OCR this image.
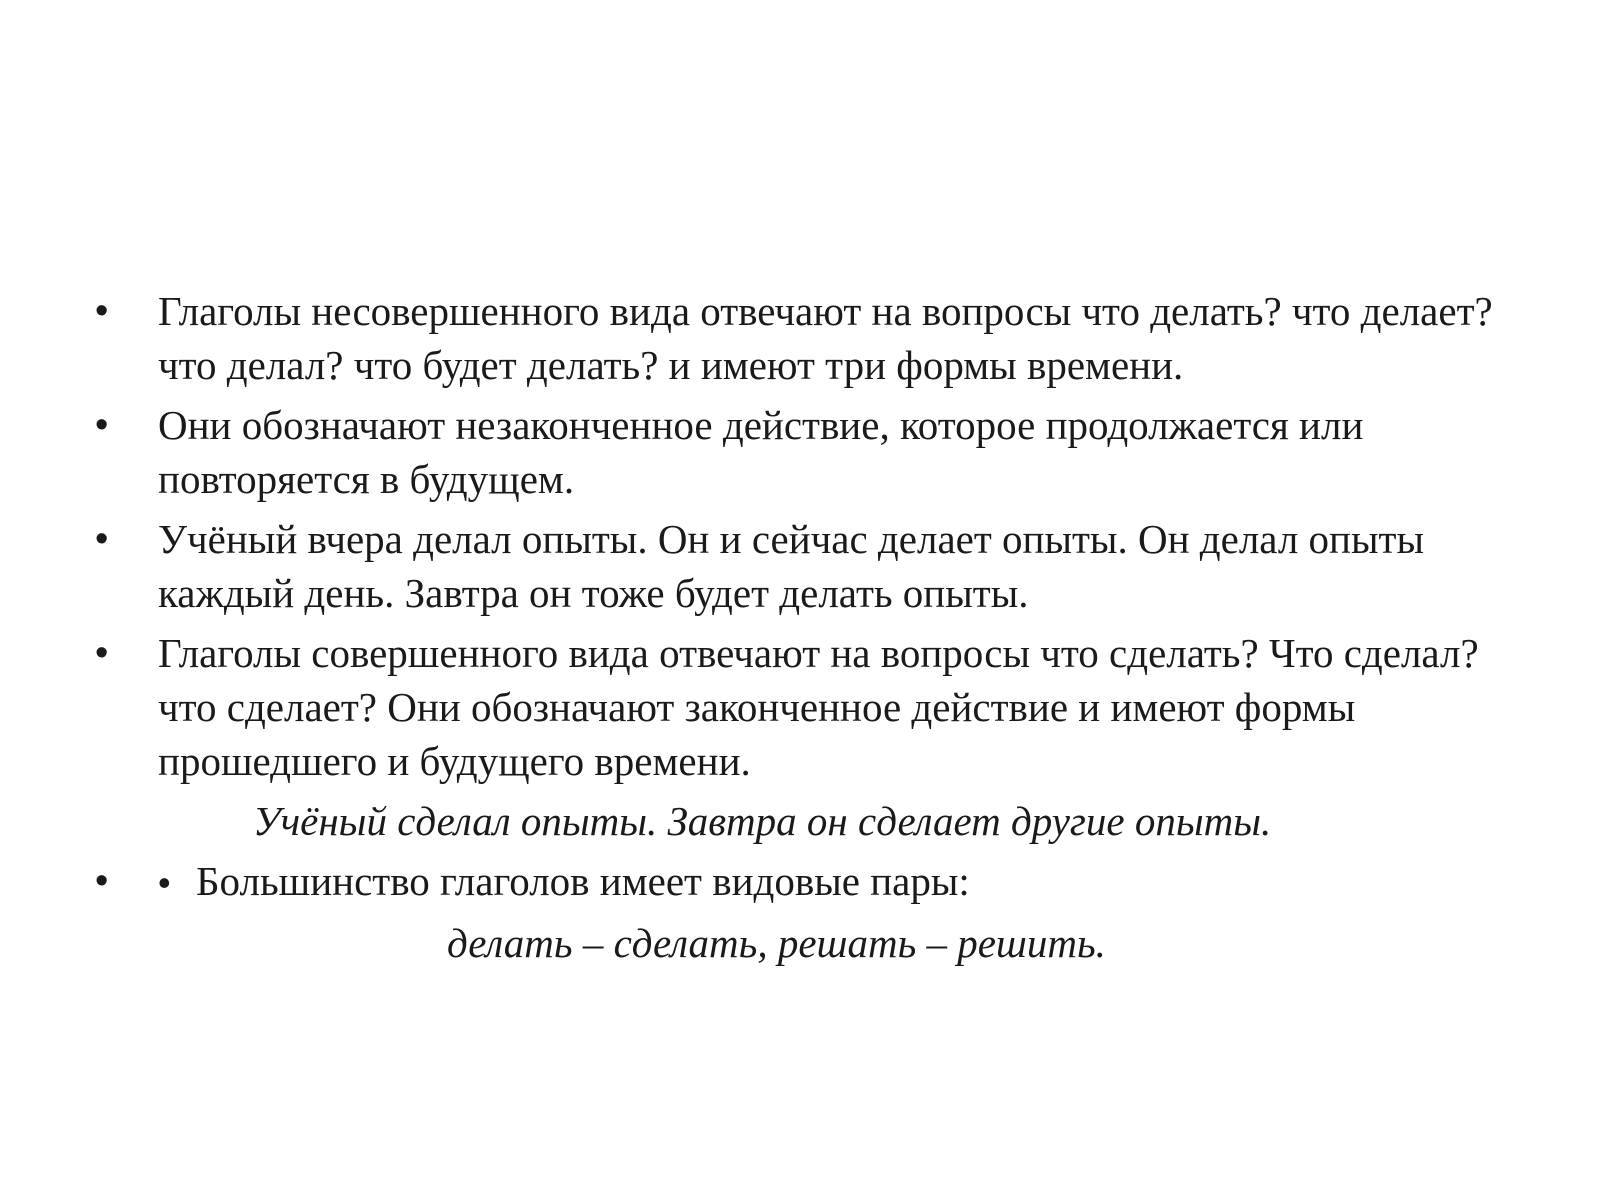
•	Глаголы несовершенного вида отвечают на вопросы что делать? что делает? что делал? что будет делать? и имеют три формы времени.
•	Они обозначают незаконченное действие, которое продолжается или повторяется в будущем.
•	Учёный вчера делал опыты. Он и сейчас делает опыты. Он делал опыты каждый день. Завтра он тоже будет делать опыты.
•	Глаголы совершенного вида отвечают на вопросы что сделать? Что сделал? что сделает? Они обозначают законченное действие и имеют формы прошедшего и будущего времени.
Учёный сделал опыты. Завтра он сделает другие опыты.
•	• Большинство глаголов имеет видовые пары:
делать – сделать, решать – решить.
